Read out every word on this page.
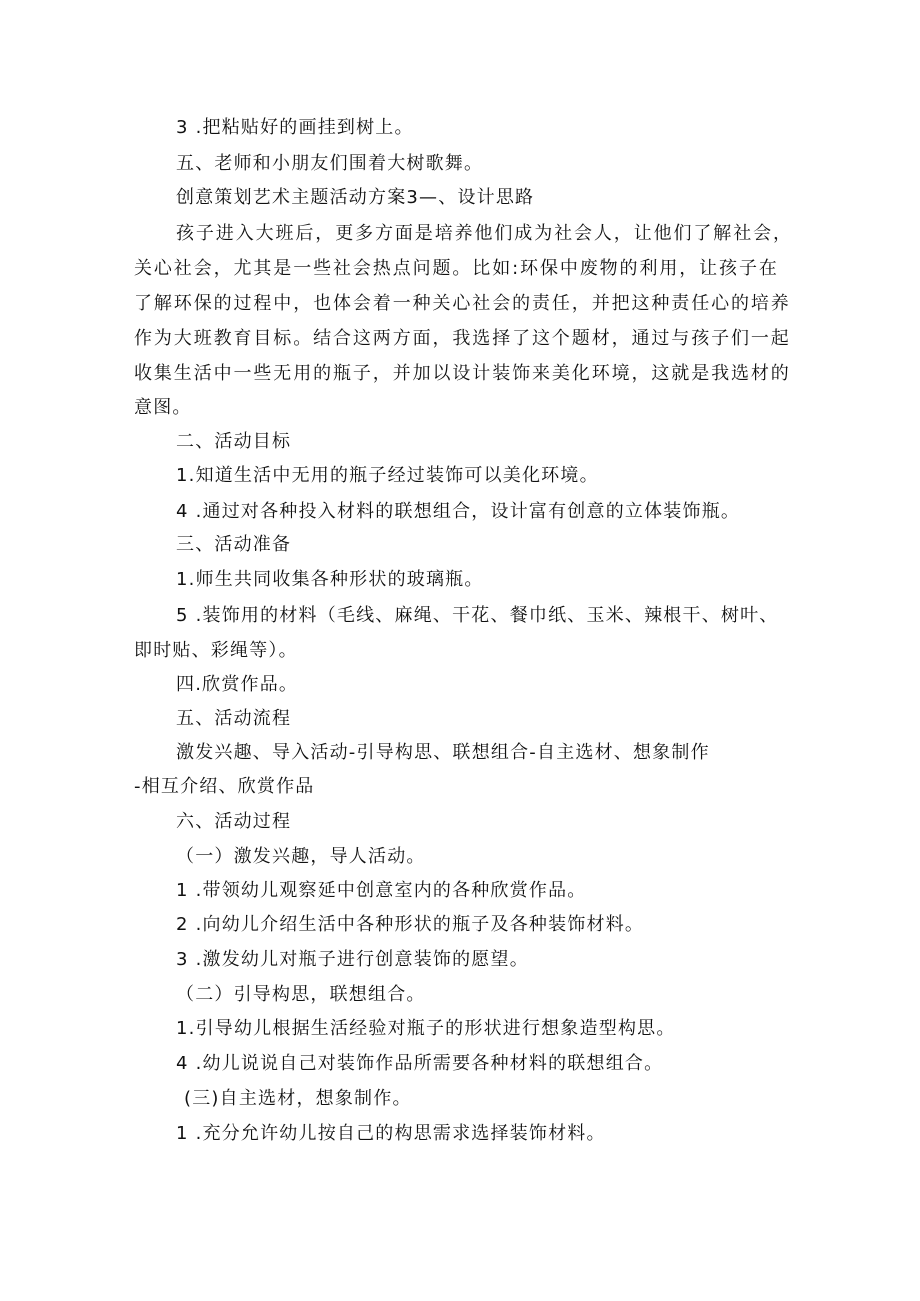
3 .把粘贴好的画挂到树上。
五、老师和小朋友们围着大树歌舞。
创意策划艺术主题活动方案3—、设计思路
孩子进入大班后，更多方面是培养他们成为社会人，让他们了解社会，
关心社会，尤其是一些社会热点问题。比如:环保中废物的利用，让孩子在
了解环保的过程中，也体会着一种关心社会的责任，并把这种责任心的培养
作为大班教育目标。结合这两方面，我选择了这个题材，通过与孩子们一起
收集生活中一些无用的瓶子，并加以设计装饰来美化环境，这就是我选材的
意图。
二、活动目标
1.知道生活中无用的瓶子经过装饰可以美化环境。
4 .通过对各种投入材料的联想组合，设计富有创意的立体装饰瓶。
三、活动准备
1.师生共同收集各种形状的玻璃瓶。
5 .装饰用的材料（毛线、麻绳、干花、餐巾纸、玉米、辣根干、树叶、
即时贴、彩绳等）。
四.欣赏作品。
五、活动流程
激发兴趣、导入活动-引导构思、联想组合-自主选材、想象制作
-相互介绍、欣赏作品
六、活动过程
（一）激发兴趣，导人活动。
1 .带领幼儿观察延中创意室内的各种欣赏作品。
2 .向幼儿介绍生活中各种形状的瓶子及各种装饰材料。
3 .激发幼儿对瓶子进行创意装饰的愿望。
（二）引导构思，联想组合。
1.引导幼儿根据生活经验对瓶子的形状进行想象造型构思。
4 .幼儿说说自己对装饰作品所需要各种材料的联想组合。
(三)自主选材，想象制作。
1 .充分允许幼儿按自己的构思需求选择装饰材料。
